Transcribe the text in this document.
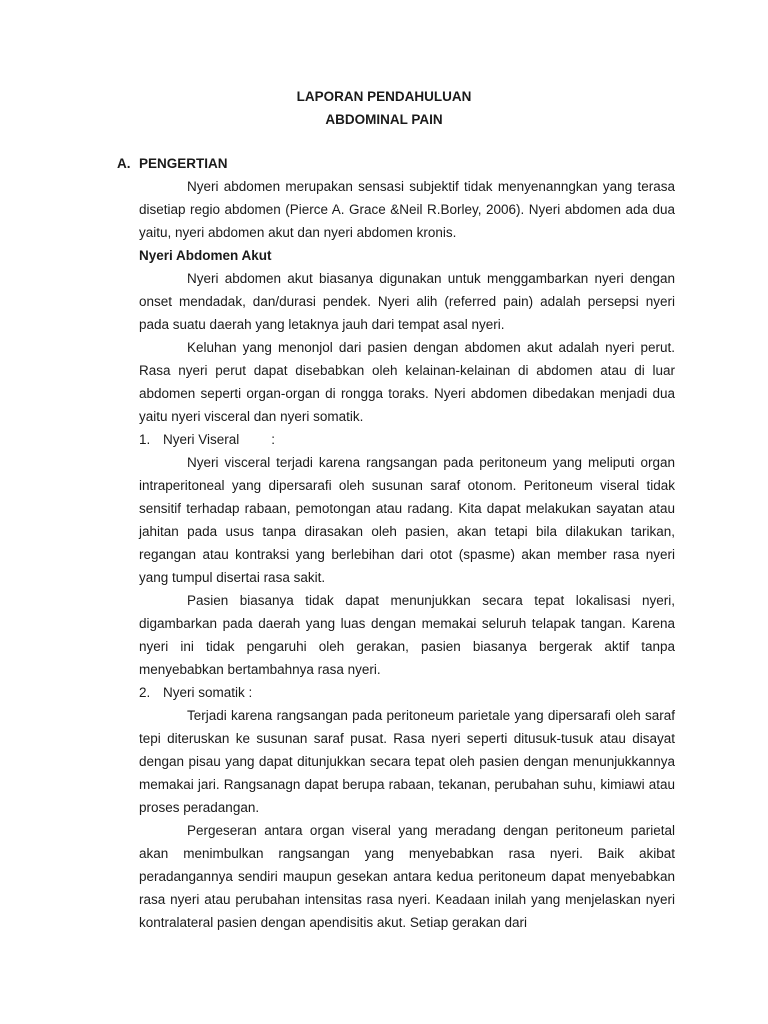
LAPORAN PENDAHULUAN
ABDOMINAL PAIN
A. PENGERTIAN

Nyeri abdomen merupakan sensasi subjektif tidak menyenanngkan yang terasa disetiap regio abdomen (Pierce A. Grace &Neil R.Borley, 2006). Nyeri abdomen ada dua yaitu, nyeri abdomen akut dan nyeri abdomen kronis.

Nyeri Abdomen Akut

Nyeri abdomen akut biasanya digunakan untuk menggambarkan nyeri dengan onset mendadak, dan/durasi pendek. Nyeri alih (referred pain) adalah persepsi nyeri pada suatu daerah yang letaknya jauh dari tempat asal nyeri.

Keluhan yang menonjol dari pasien dengan abdomen akut adalah nyeri perut. Rasa nyeri perut dapat disebabkan oleh kelainan-kelainan di abdomen atau di luar abdomen seperti organ-organ di rongga toraks. Nyeri abdomen dibedakan menjadi dua yaitu nyeri visceral dan nyeri somatik.

1. Nyeri Viseral :

Nyeri visceral terjadi karena rangsangan pada peritoneum yang meliputi organ intraperitoneal yang dipersarafi oleh susunan saraf otonom. Peritoneum viseral tidak sensitif terhadap rabaan, pemotongan atau radang. Kita dapat melakukan sayatan atau jahitan pada usus tanpa dirasakan oleh pasien, akan tetapi bila dilakukan tarikan, regangan atau kontraksi yang berlebihan dari otot (spasme) akan member rasa nyeri yang tumpul disertai rasa sakit.

Pasien biasanya tidak dapat menunjukkan secara tepat lokalisasi nyeri, digambarkan pada daerah yang luas dengan memakai seluruh telapak tangan. Karena nyeri ini tidak pengaruhi oleh gerakan, pasien biasanya bergerak aktif tanpa menyebabkan bertambahnya rasa nyeri.

2. Nyeri somatik :

Terjadi karena rangsangan pada peritoneum parietale yang dipersarafi oleh saraf tepi diteruskan ke susunan saraf pusat. Rasa nyeri seperti ditusuk-tusuk atau disayat dengan pisau yang dapat ditunjukkan secara tepat oleh pasien dengan menunjukkannya memakai jari. Rangsanagn dapat berupa rabaan, tekanan, perubahan suhu, kimiawi atau proses peradangan.

Pergeseran antara organ viseral yang meradang dengan peritoneum parietal akan menimbulkan rangsangan yang menyebabkan rasa nyeri. Baik akibat peradangannya sendiri maupun gesekan antara kedua peritoneum dapat menyebabkan rasa nyeri atau perubahan intensitas rasa nyeri. Keadaan inilah yang menjelaskan nyeri kontralateral pasien dengan apendisitis akut. Setiap gerakan dari
